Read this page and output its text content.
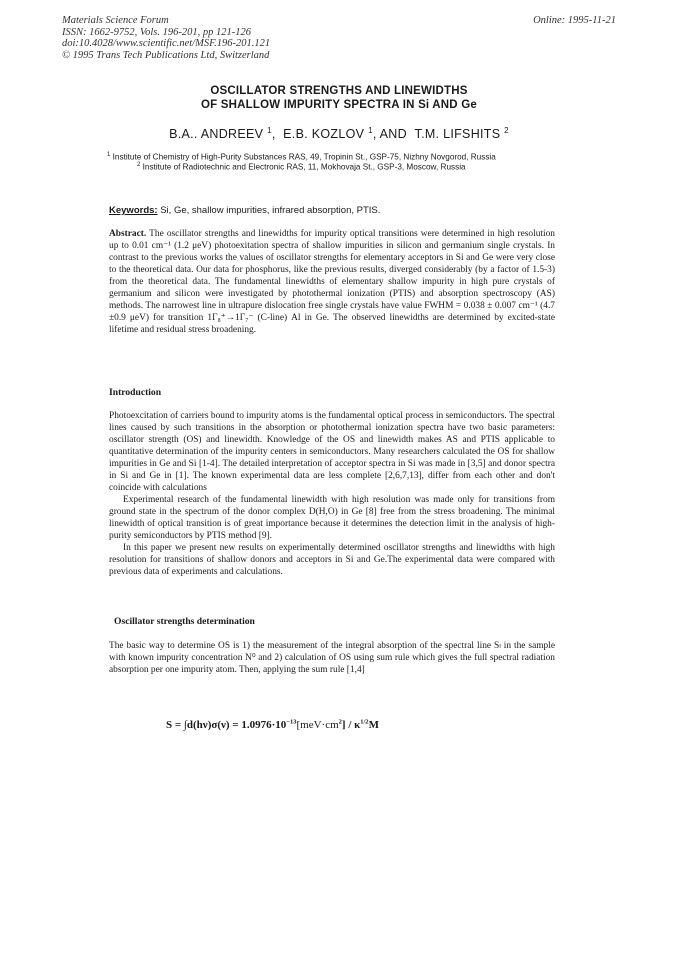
Materials Science Forum
ISSN: 1662-9752, Vols. 196-201, pp 121-126
doi:10.4028/www.scientific.net/MSF.196-201.121
© 1995 Trans Tech Publications Ltd, Switzerland
Online: 1995-11-21
OSCILLATOR STRENGTHS AND LINEWIDTHS
OF SHALLOW IMPURITY SPECTRA IN Si AND Ge
B.A.. ANDREEV $^1$, E.B. KOZLOV $^1$, AND T.M. LIFSHITS $^2$
$^1$ Institute of Chemistry of High-Purity Substances RAS, 49, Tropinin St., GSP-75, Nizhny Novgorod, Russia
$^2$ Institute of Radiotechnic and Electronic RAS, 11, Mokhovaja St., GSP-3, Moscow, Russia
Keywords: Si, Ge, shallow impurities, infrared absorption, PTIS.
Abstract. The oscillator strengths and linewidths for impurity optical transitions were determined in high resolution up to 0.01 cm⁻¹ (1.2 μeV) photoexitation spectra of shallow impurities in silicon and germanium single crystals. In contrast to the previous works the values of oscillator strengths for elementary acceptors in Si and Ge were very close to the theoretical data. Our data for phosphorus, like the previous results, diverged considerably (by a factor of 1.5-3) from the theoretical data. The fundamental linewidths of elementary shallow impurity in high pure crystals of germanium and silicon were investigated by photothermal ionization (PTIS) and absorption spectroscopy (AS) methods. The narrowest line in ultrapure dislocation free single crystals have value FWHM = 0.038 ± 0.007 cm⁻¹ (4.7 ±0.9 μeV) for transition 1Γ₈⁺→1Γ₇⁻ (C-line) Al in Ge. The observed linewidths are determined by excited-state lifetime and residual stress broadening.
Introduction

Photoexcitation of carriers bound to impurity atoms is the fundamental optical process in semiconductors. The spectral lines caused by such transitions in the absorption or photothermal ionization spectra have two basic parameters: oscillator strength (OS) and linewidth. Knowledge of the OS and linewidth makes AS and PTIS applicable to quantitative determination of the impurity centers in semiconductors. Many researchers calculated the OS for shallow impurities in Ge and Si [1-4]. The detailed interpretation of acceptor spectra in Si was made in [3,5] and donor spectra in Si and Ge in [1]. The known experimental data are less complete [2,6,7,13], differ from each other and don't coincide with calculations

Experimental research of the fundamental linewidth with high resolution was made only for transitions from ground state in the spectrum of the donor complex D(H,O) in Ge [8] free from the stress broadening. The minimal linewidth of optical transition is of great importance because it determines the detection limit in the analysis of high-purity semiconductors by PTIS method [9].

In this paper we present new results on experimentally determined oscillator strengths and linewidths with high resolution for transitions of shallow donors and acceptors in Si and Ge.The experimental data were compared with previous data of experiments and calculations.

Oscillator strengths determination

The basic way to determine OS is 1) the measurement of the integral absorption of the spectral line Sₗ in the sample with known impurity concentration N⁰ and 2) calculation of OS using sum rule which gives the full spectral radiation absorption per one impurity atom. Then, applying the sum rule [1,4]

$S = \int d(h\nu)\sigma(\nu) = 1.0976\cdot 10^{-13}[meV\cdot cm^2] / \kappa^{1/2}M$
